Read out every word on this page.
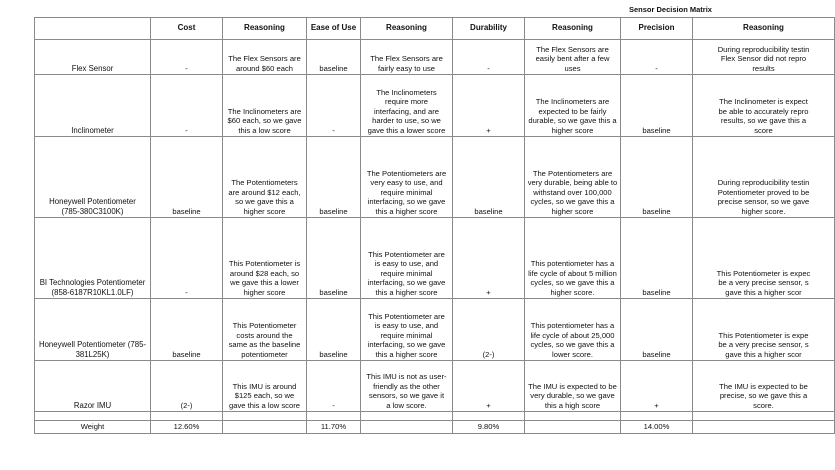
Sensor Decision Matrix
	Cost	Reasoning	Ease of Use	Reasoning	Durability	Reasoning	Precision	Reasoning
Flex Sensor	-	The Flex Sensors are
around $60 each	baseline	The Flex Sensors are
fairly easy to use	-	The Flex Sensors are
easily bent after a few uses	-	During reproducibility testin
Flex Sensor did not repro
results
Inclinometer	-	The Inclinometers are
$60 each, so we gave
this a low score	-	The Inclinometers
require more
interfacing, and are
harder to use, so we
gave this a lower score	+	The Inclinometers are
expected to be fairly
durable, so we gave this a
higher score	baseline	The Inclinometer is expect
be able to accurately repro
results, so we gave this a
score
Honeywell Potentiometer
(785-380C3100K)	baseline	The Potentiometers
are around $12 each,
so we gave this a
higher score	baseline	The Potentiometers are
very easy to use, and
require minimal
interfacing, so we gave
this a higher score	baseline	The Potentiometers are
very durable, being able to
withstand over 100,000
cycles, so we gave this a
higher score	baseline	During reproducibility testin
Potentiometer proved to be
precise sensor, so we gave
higher score.
BI Technologies Potentiometer
(858-6187R10KL1.0LF)	-	This Potentiometer is
around $28 each, so
we gave this a lower
higher score	baseline	This Potentiometer are
is easy to use, and
require minimal
interfacing, so we gave
this a higher score	+	This potentiometer has a
life cycle of about 5 million
cycles, so we gave this a
higher score.	baseline	This Potentiometer is expec
be a very precise sensor, s
gave this a higher scor
Honeywell Potentiometer (785-
381L25K)	baseline	This Potentiometer
costs around the
same as the baseline
potentiometer	baseline	This Potentiometer are
is easy to use, and
require minimal
interfacing, so we gave
this a higher score	(2-)	This potentiometer has a
life cycle of about 25,000
cycles, so we gave this a
lower score.	baseline	This Potentiometer is expe
be a very precise sensor, s
gave this a higher scor
Razor IMU	(2-)	This IMU is around
$125 each, so we
gave this a low score	-	This IMU is not as user-
friendly as the other
sensors, so we gave it
a low score.	+	The IMU is expected to be
very durable, so we gave
this a high score	+	The IMU is expected to be
precise, so we gave this a
score.

Weight	12.60%		11.70%		9.80%		14.00%	
